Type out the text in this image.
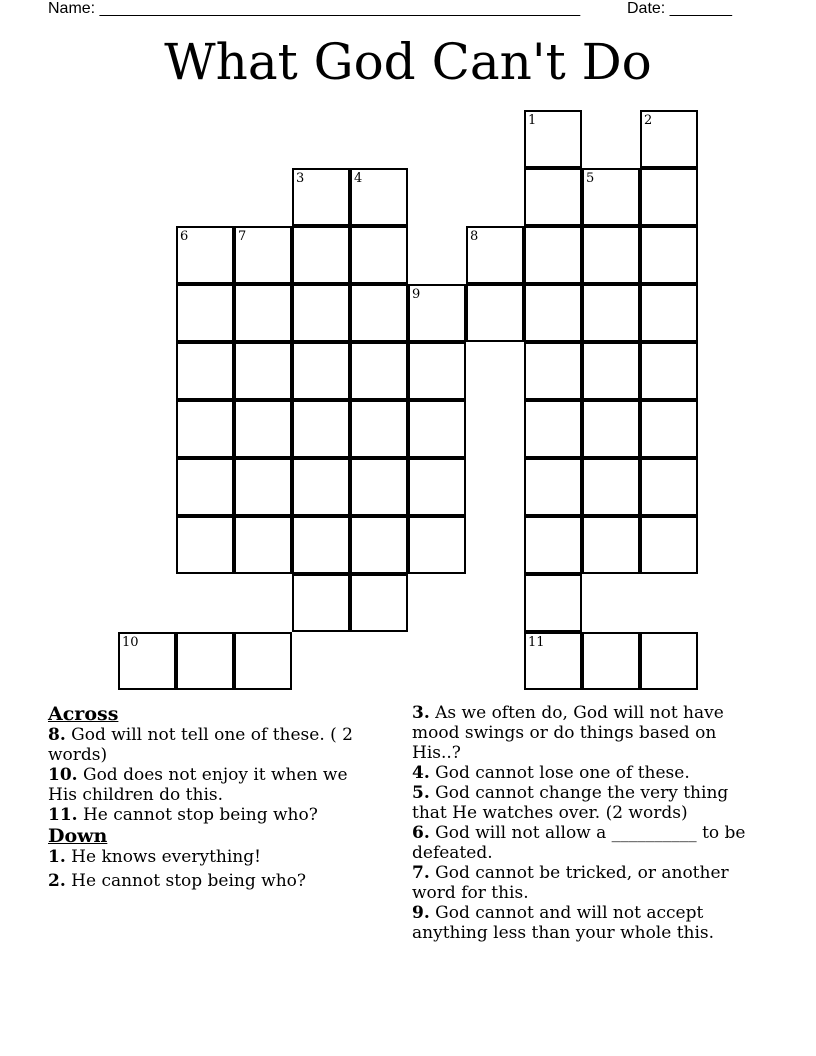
Name: ______________________________________________________	Date: _______
What God Can't Do
1	2
3	4	5
6	7	8
9
10	11
Across

8. God will not tell one of these. ( 2 words)

10. God does not enjoy it when we His children do this.

11. He cannot stop being who?

Down

1. He knows everything!

2. He cannot stop being who?

3. As we often do, God will not have mood swings or do things based on His..?

4. God cannot lose one of these.

5. God cannot change the very thing that He watches over. (2 words)

6. God will not allow a __________ to be defeated.

7. God cannot be tricked, or another word for this.

9. God cannot and will not accept anything less than your whole this.
